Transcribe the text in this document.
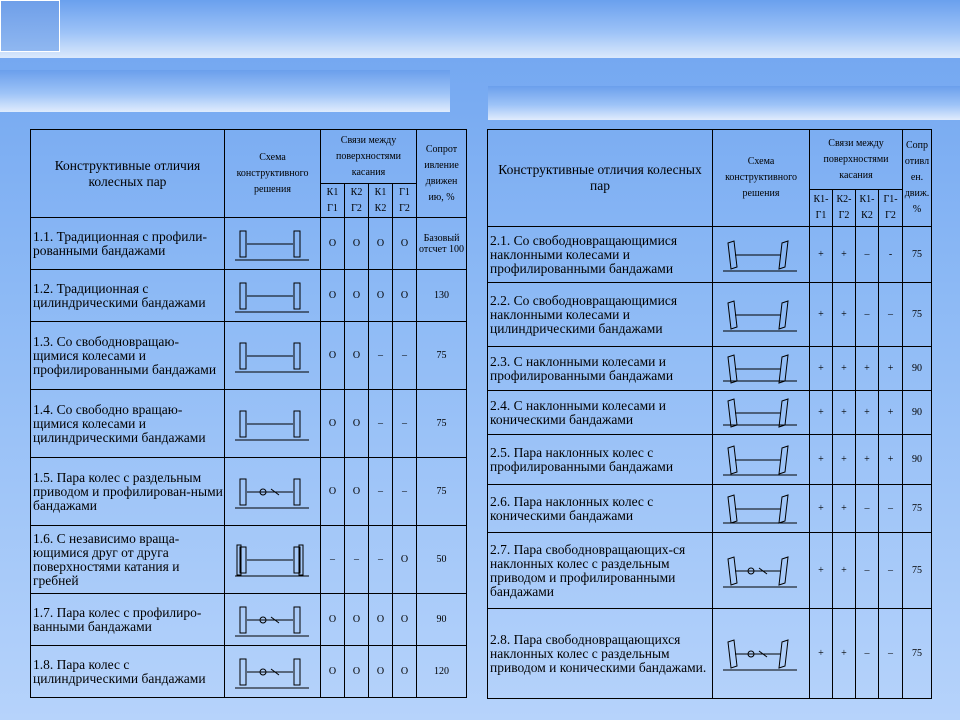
Конструктивные отличия колесных пар	Схема конструктивного решения	Связи между поверхностями касания				Сопрот ивление движен ию, %
		К1 Г1	К2 Г2	К1 К2	Г1 Г2	
1.1. Традиционная с профили-рованными бандажами		О	О	О	О	Базовый отсчет 100
1.2. Традиционная с цилиндрическими бандажами		О	О	О	О	130
1.3. Со свободновращаю-щимися колесами и профилированными бандажами		О	О	–	–	75
1.4. Со свободно вращаю-щимися колесами и цилиндрическими бандажами		О	О	–	–	75
1.5. Пара колес с раздельным приводом и профилирован-ными бандажами		О	О	–	–	75
1.6. С независимо враща-ющимися друг от друга поверхностями катания и гребней		–	–	–	О	50
1.7. Пара колес с профилиро-ванными бандажами		О	О	О	О	90
1.8. Пара колес с цилиндрическими бандажами		О	О	О	О	120
Конструктивные отличия колесных пар	Схема конструктивного решения	Связи между поверхностями касания				Сопр отивл ен. движ. %
		К1- Г1	К2- Г2	К1- К2	Г1- Г2	
2.1. Со свободновращающимися наклонными колесами и профилированными бандажами		+	+	–	-	75
2.2. Со свободновращающимися наклонными колесами и цилиндрическими бандажами		+	+	–	–	75
2.3. С наклонными колесами и профилированными бандажами		+	+	+	+	90
2.4. С наклонными колесами и коническими бандажами		+	+	+	+	90
2.5. Пара наклонных колес с профилированными бандажами		+	+	+	+	90
2.6. Пара наклонных колес с коническими бандажами		+	+	–	–	75
2.7. Пара свободновращающих-ся наклонных колес с раздельным приводом и профилированными бандажами		+	+	–	–	75
2.8. Пара свободновращающихся наклонных колес с раздельным приводом и коническими бандажами.		+	+	–	–	75
